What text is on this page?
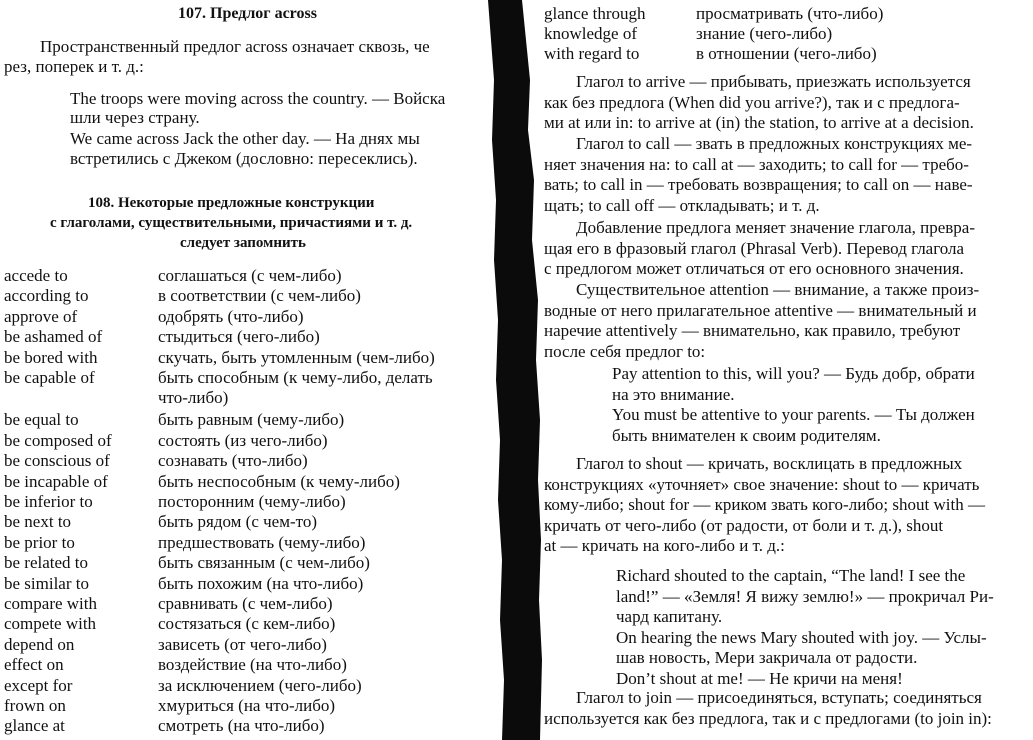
107. Предлог across
Пространственный предлог across означает сквозь, че
рез, поперек и т. д.:
The troops were moving across the country. — Войска
шли через страну.
We came across Jack the other day. — На днях мы
встретились с Джеком (дословно: пересеклись).
108. Некоторые предложные конструкции
с глаголами, существительными, причастиями и т. д.
следует запомнить
accede to	соглашаться (с чем-либо)
according to	в соответствии (с чем-либо)
approve of	одобрять (что-либо)
be ashamed of	стыдиться (чего-либо)
be bored with	скучать, быть утомленным (чем-либо)
be capable of	быть способным (к чему-либо, делать
что-либо)
be equal to	быть равным (чему-либо)
be composed of	состоять (из чего-либо)
be conscious of	сознавать (что-либо)
be incapable of	быть неспособным (к чему-либо)
be inferior to	посторонним (чему-либо)
be next to	быть рядом (с чем-то)
be prior to	предшествовать (чему-либо)
be related to	быть связанным (с чем-либо)
be similar to	быть похожим (на что-либо)
compare with	сравнивать (с чем-либо)
compete with	состязаться (с кем-либо)
depend on	зависеть (от чего-либо)
effect on	воздействие (на что-либо)
except for	за исключением (чего-либо)
frown on	хмуриться (на что-либо)
glance at	смотреть (на что-либо)
glance through	просматривать (что-либо)
knowledge of	знание (чего-либо)
with regard to	в отношении (чего-либо)
Глагол to arrive — прибывать, приезжать используется
как без предлога (When did you arrive?), так и с предлога-
ми at или in: to arrive at (in) the station, to arrive at a decision.
Глагол to call — звать в предложных конструкциях ме-
няет значения на: to call at — заходить; to call for — требо-
вать; to call in — требовать возвращения; to call on — наве-
щать; to call off — откладывать; и т. д.
Добавление предлога меняет значение глагола, превра-
щая его в фразовый глагол (Phrasal Verb). Перевод глагола
с предлогом может отличаться от его основного значения.
Существительное attention — внимание, а также произ-
водные от него прилагательное attentive — внимательный и
наречие attentively — внимательно, как правило, требуют
после себя предлог to:
Pay attention to this, will you? — Будь добр, обрати
на это внимание.
You must be attentive to your parents. — Ты должен
быть внимателен к своим родителям.
Глагол to shout — кричать, восклицать в предложных
конструкциях «уточняет» свое значение: shout to — кричать
кому-либо; shout for — криком звать кого-либо; shout with —
кричать от чего-либо (от радости, от боли и т. д.), shout
at — кричать на кого-либо и т. д.:
Richard shouted to the captain, “The land! I see the
land!” — «Земля! Я вижу землю!» — прокричал Ри-
чард капитану.
On hearing the news Mary shouted with joy. — Услы-
шав новость, Мери закричала от радости.
Don’t shout at me! — Не кричи на меня!
Глагол to join — присоединяться, вступать; соединяться
используется как без предлога, так и с предлогами (to join in):
